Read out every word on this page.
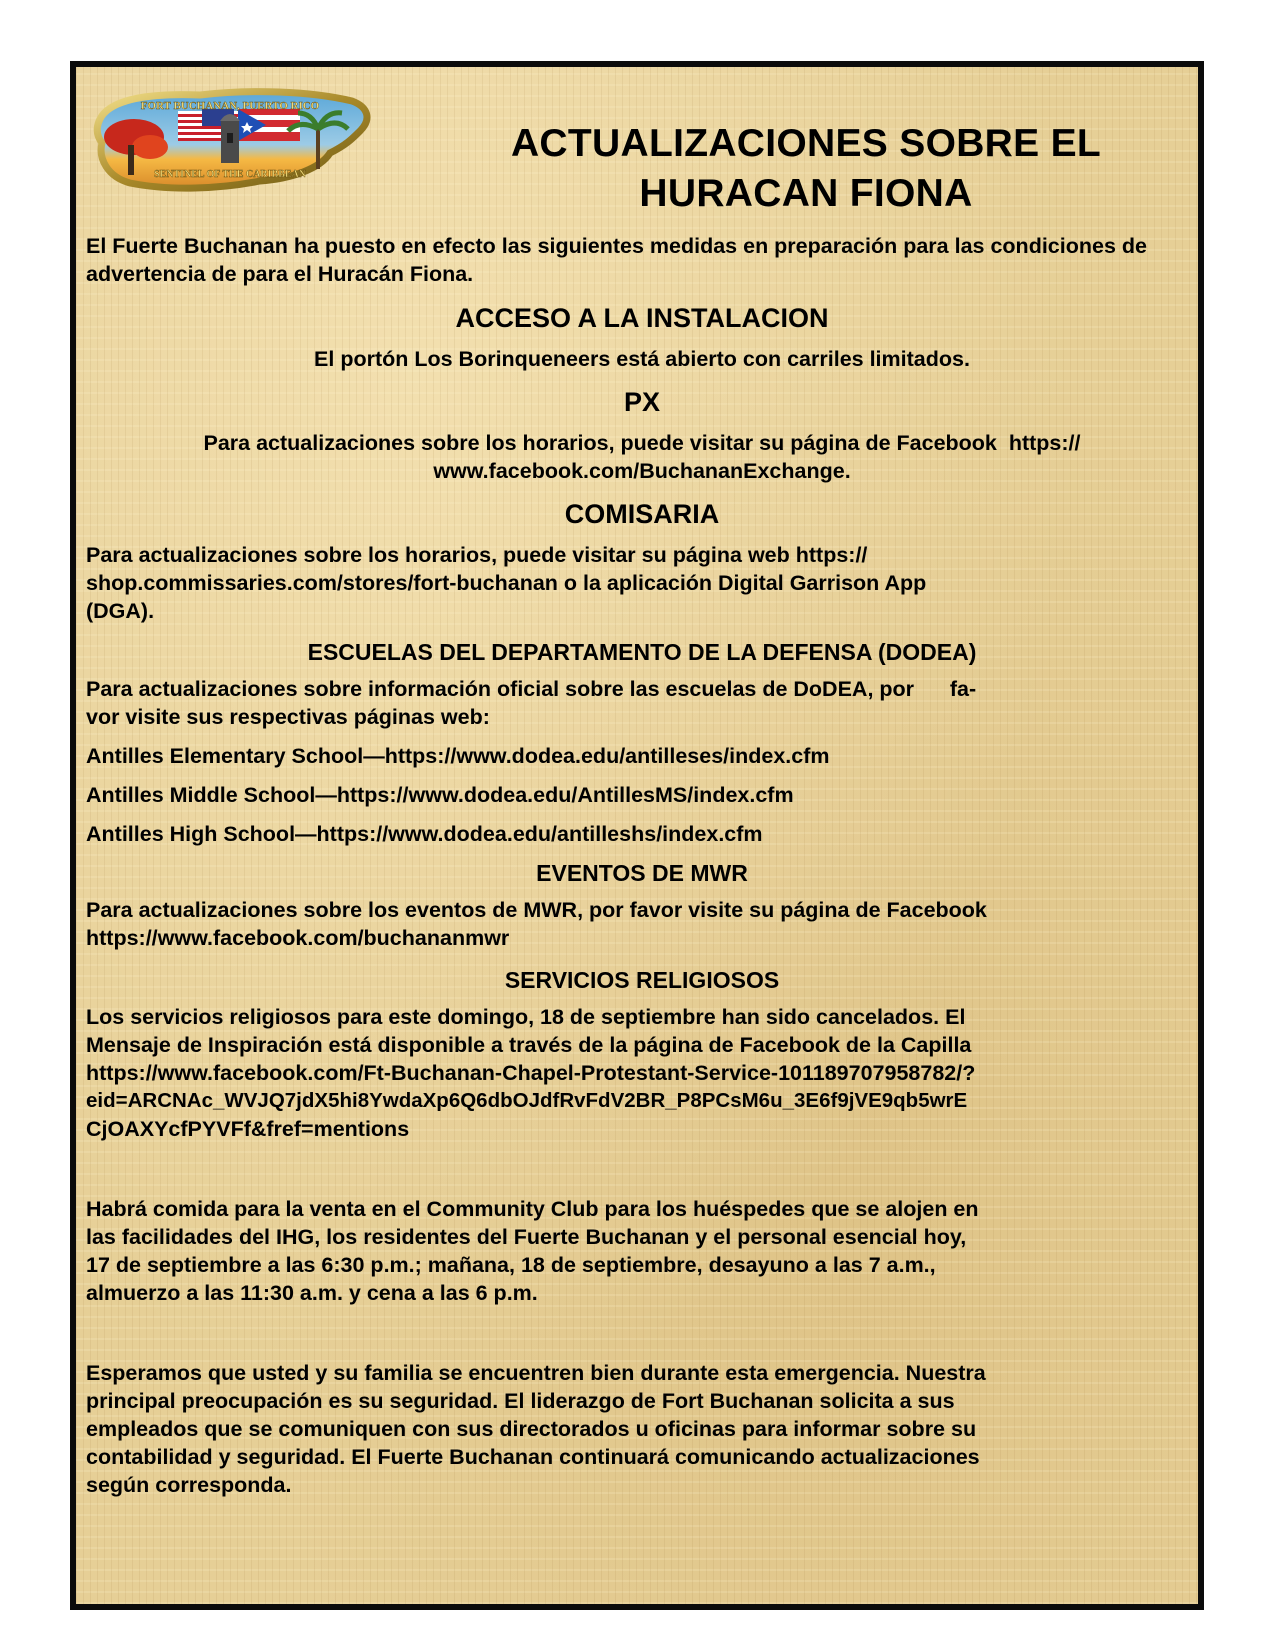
FORT BUCHANAN, PUERTO RICO
SENTINEL OF THE CARIBBEAN
ACTUALIZACIONES SOBRE EL
HURACAN FIONA

El Fuerte Buchanan ha puesto en efecto las siguientes medidas en preparación para las condiciones de advertencia de para el Huracán Fiona.

ACCESO A LA INSTALACION

El portón Los Borinqueneers está abierto con carriles limitados.

PX

Para actualizaciones sobre los horarios, puede visitar su página de Facebook  https://

www.facebook.com/BuchananExchange.

COMISARIA

Para actualizaciones sobre los horarios, puede visitar su página web https://

shop.commissaries.com/stores/fort-buchanan o la aplicación Digital Garrison App

(DGA).

ESCUELAS DEL DEPARTAMENTO DE LA DEFENSA (DODEA)

Para actualizaciones sobre información oficial sobre las escuelas de DoDEA, por      fa-

vor visite sus respectivas páginas web:

Antilles Elementary School—https://www.dodea.edu/antilleses/index.cfm

Antilles Middle School—https://www.dodea.edu/AntillesMS/index.cfm

Antilles High School—https://www.dodea.edu/antilleshs/index.cfm

EVENTOS DE MWR

Para actualizaciones sobre los eventos de MWR, por favor visite su página de Facebook

https://www.facebook.com/buchananmwr

SERVICIOS RELIGIOSOS

Los servicios religiosos para este domingo, 18 de septiembre han sido cancelados. El

Mensaje de Inspiración está disponible a través de la página de Facebook de la Capilla

https://www.facebook.com/Ft-Buchanan-Chapel-Protestant-Service-101189707958782/?

eid=ARCNAc_WVJQ7jdX5hi8YwdaXp6Q6dbOJdfRvFdV2BR_P8PCsM6u_3E6f9jVE9qb5wrE

CjOAXYcfPYVFf&fref=mentions

Habrá comida para la venta en el Community Club para los huéspedes que se alojen en

las facilidades del IHG, los residentes del Fuerte Buchanan y el personal esencial hoy,

17 de septiembre a las 6:30 p.m.; mañana, 18 de septiembre, desayuno a las 7 a.m.,

almuerzo a las 11:30 a.m. y cena a las 6 p.m.

Esperamos que usted y su familia se encuentren bien durante esta emergencia. Nuestra

principal preocupación es su seguridad. El liderazgo de Fort Buchanan solicita a sus

empleados que se comuniquen con sus directorados u oficinas para informar sobre su

contabilidad y seguridad. El Fuerte Buchanan continuará comunicando actualizaciones

según corresponda.
